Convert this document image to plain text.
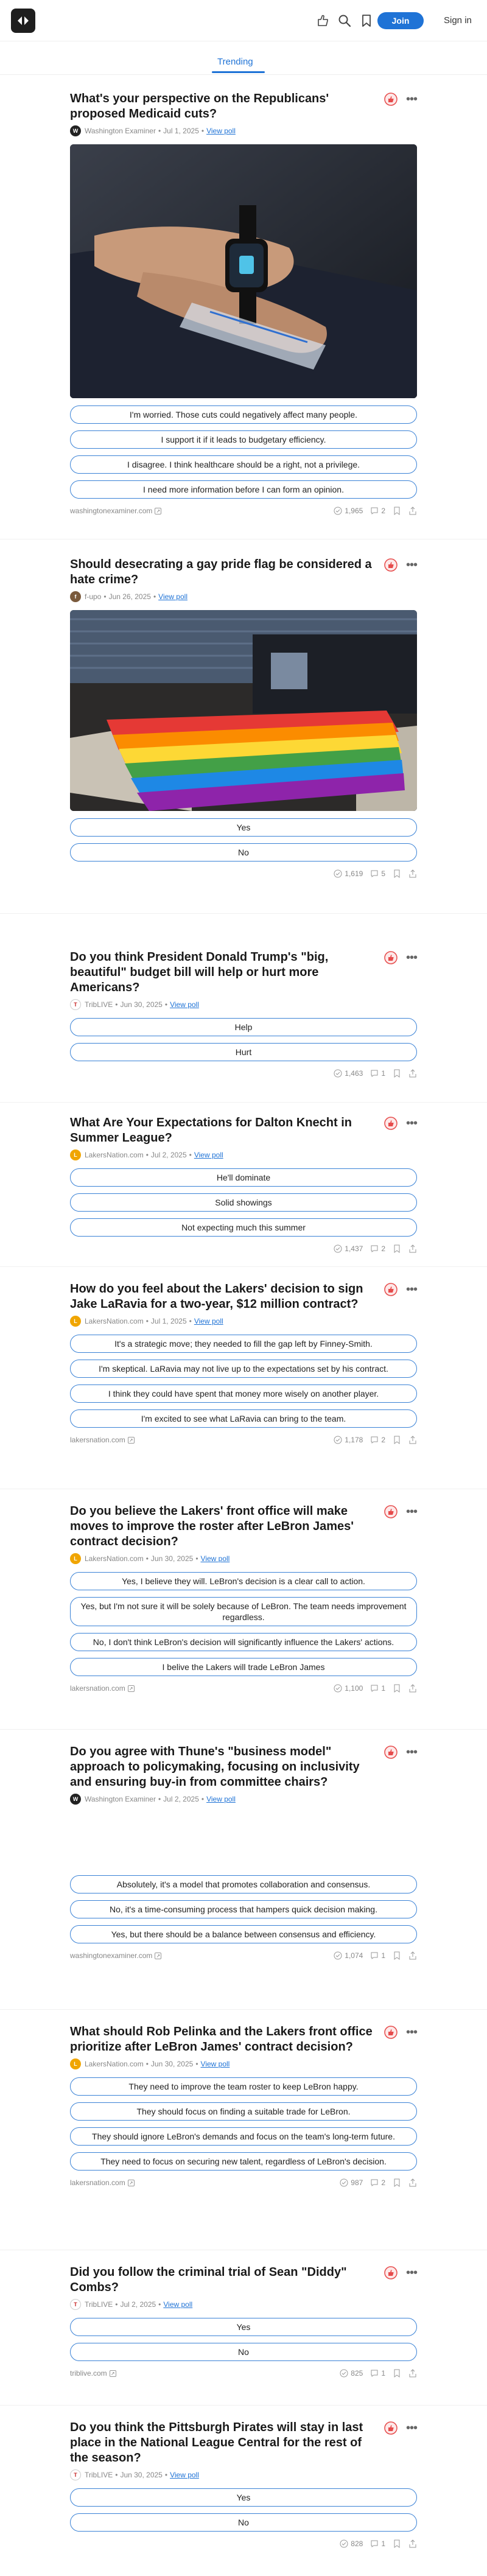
Join	Sign in
Trending
What's your perspective on the Republicans' proposed Medicaid cuts?
W Washington Examiner • Jul 1, 2025 • View poll
•••
I'm worried. Those cuts could negatively affect many people.
I support it if it leads to budgetary efficiency.
I disagree. I think healthcare should be a right, not a privilege.
I need more information before I can form an opinion.
washingtonexaminer.com ↗	1,965	2
Should desecrating a gay pride flag be considered a hate crime?
f	f-upo • Jun 26, 2025 • View poll
•••
Yes
No
1,619	5
Do you think President Donald Trump's "big, beautiful" budget bill will help or hurt more Americans?
T	TribLIVE • Jun 30, 2025 • View poll
•••
Help
Hurt
1,463	1
What Are Your Expectations for Dalton Knecht in Summer League?
L	LakersNation.com • Jul 2, 2025 • View poll
•••
He'll dominate
Solid showings
Not expecting much this summer
1,437	2
How do you feel about the Lakers' decision to sign Jake LaRavia for a two-year, $12 million contract?
L	LakersNation.com • Jul 1, 2025 • View poll
•••
It's a strategic move; they needed to fill the gap left by Finney-Smith.
I'm skeptical. LaRavia may not live up to the expectations set by his contract.
I think they could have spent that money more wisely on another player.
I'm excited to see what LaRavia can bring to the team.
lakersnation.com ↗	1,178	2
Do you believe the Lakers' front office will make moves to improve the roster after LeBron James' contract decision?
L	LakersNation.com • Jun 30, 2025 • View poll
•••
Yes, I believe they will. LeBron's decision is a clear call to action.
Yes, but I'm not sure it will be solely because of LeBron. The team needs improvement regardless.
No, I don't think LeBron's decision will significantly influence the Lakers' actions.
I belive the Lakers will trade LeBron James
lakersnation.com ↗	1,100	1
Do you agree with Thune's "business model" approach to policymaking, focusing on inclusivity and ensuring buy-in from committee chairs?
W Washington Examiner • Jul 2, 2025 • View poll
•••
Absolutely, it's a model that promotes collaboration and consensus.
No, it's a time-consuming process that hampers quick decision making.
Yes, but there should be a balance between consensus and efficiency.
washingtonexaminer.com ↗	1,074	1
What should Rob Pelinka and the Lakers front office prioritize after LeBron James' contract decision?
L	LakersNation.com • Jun 30, 2025 • View poll
•••
They need to improve the team roster to keep LeBron happy.
They should focus on finding a suitable trade for LeBron.
They should ignore LeBron's demands and focus on the team's long-term future.
They need to focus on securing new talent, regardless of LeBron's decision.
lakersnation.com ↗	987	2
Did you follow the criminal trial of Sean "Diddy" Combs?
T	TribLIVE • Jul 2, 2025 • View poll
•••
Yes
No
triblive.com ↗	825	1
Do you think the Pittsburgh Pirates will stay in last place in the National League Central for the rest of the season?
T	TribLIVE • Jun 30, 2025 • View poll
•••
Yes
No
828	1
